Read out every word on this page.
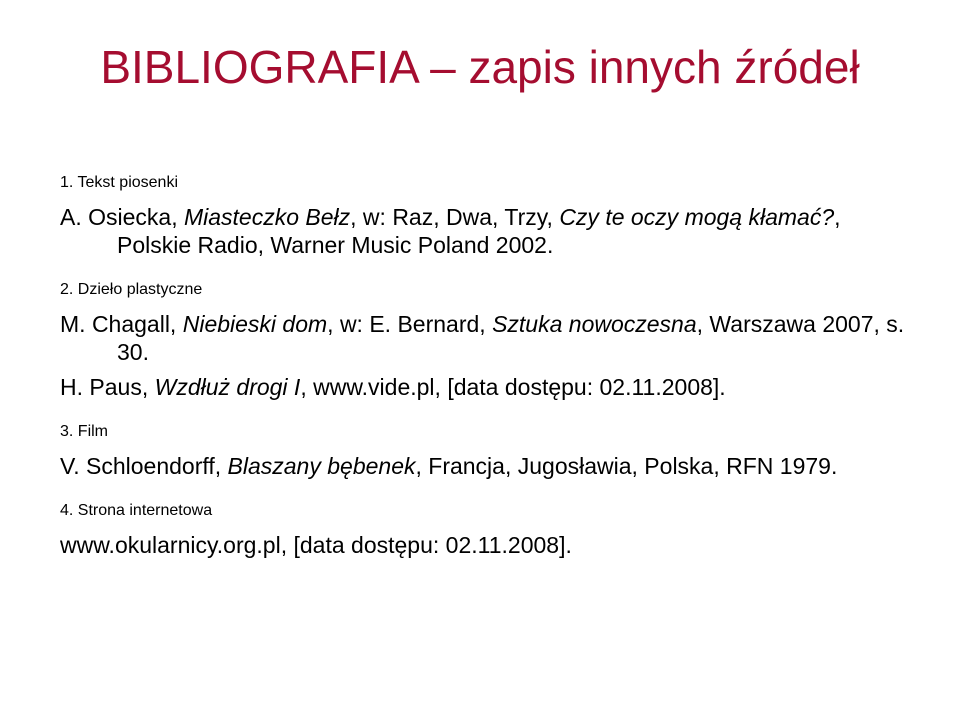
BIBLIOGRAFIA – zapis innych źródeł

1. Tekst piosenki

A. Osiecka, Miasteczko Bełz, w: Raz, Dwa, Trzy, Czy te oczy mogą kłamać?, Polskie Radio, Warner Music Poland 2002.

2. Dzieło plastyczne

M. Chagall, Niebieski dom, w: E. Bernard, Sztuka nowoczesna, Warszawa 2007, s. 30.

H. Paus, Wzdłuż drogi I, www.vide.pl, [data dostępu: 02.11.2008].

3. Film

V. Schloendorff, Blaszany bębenek, Francja, Jugosławia, Polska, RFN 1979.

4. Strona internetowa

www.okularnicy.org.pl, [data dostępu: 02.11.2008].
